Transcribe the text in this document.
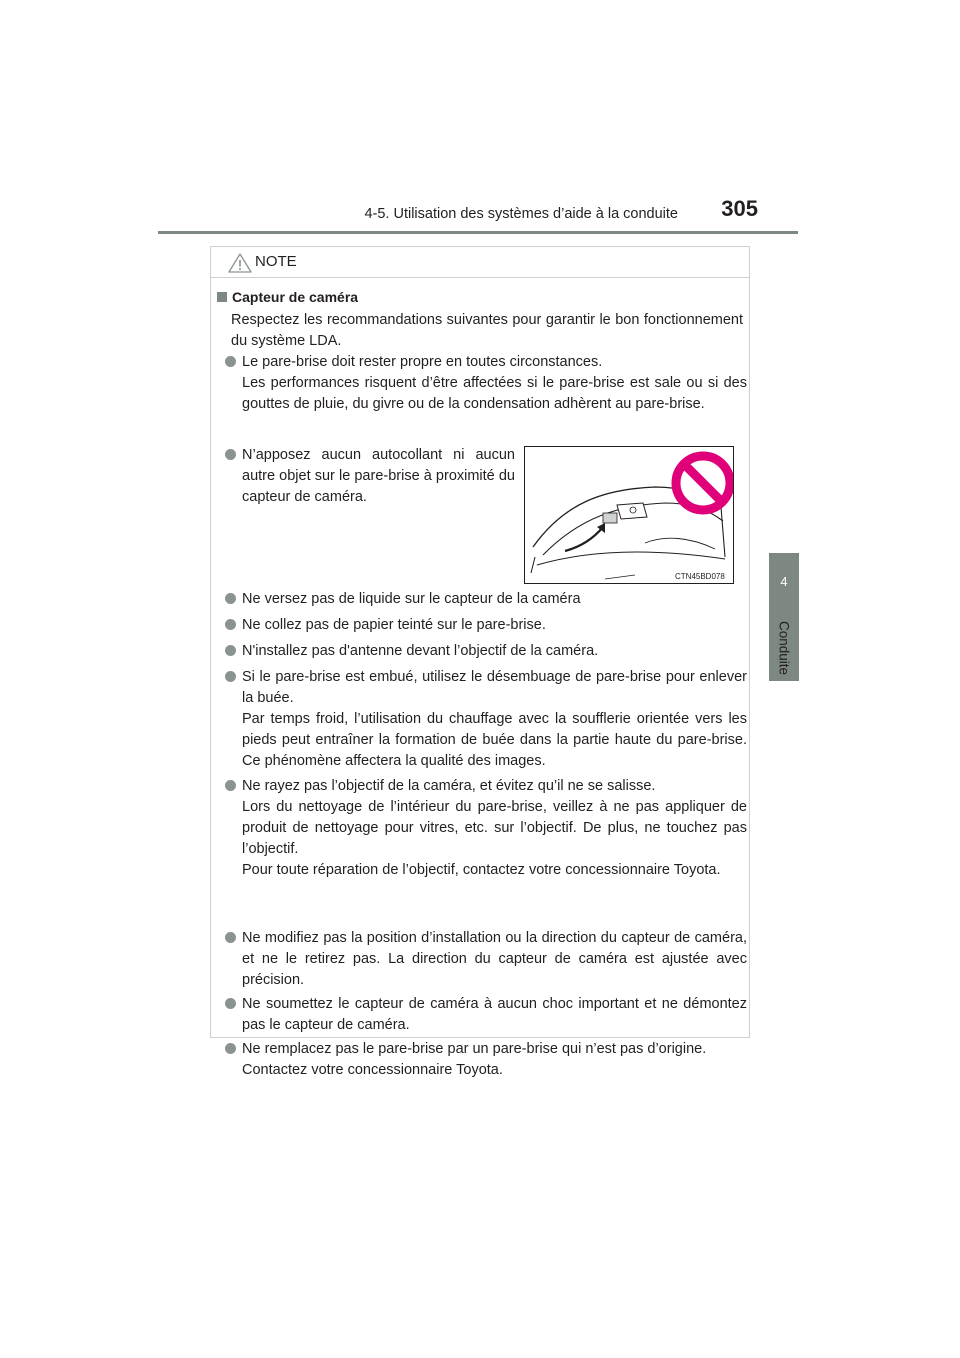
4-5. Utilisation des systèmes d’aide à la conduite	305
4
Conduite
NOTE
Capteur de caméra
Respectez les recommandations suivantes pour garantir le bon fonctionnement du système LDA.

Le pare-brise doit rester propre en toutes circonstances.

Les performances risquent d’être affectées si le pare-brise est sale ou si des gouttes de pluie, du givre ou de la condensation adhèrent au pare-brise.

N’apposez aucun autocollant ni aucun autre objet sur le pare-brise à proximité du capteur de caméra.

Ne versez pas de liquide sur le capteur de la caméra

Ne collez pas de papier teinté sur le pare-brise.

N'installez pas d'antenne devant l’objectif de la caméra.

Si le pare-brise est embué, utilisez le désembuage de pare-brise pour enlever la buée.

Par temps froid, l’utilisation du chauffage avec la soufflerie orientée vers les pieds peut entraîner la formation de buée dans la partie haute du pare-brise. Ce phénomène affectera la qualité des images.

Ne rayez pas l’objectif de la caméra, et évitez qu’il ne se salisse.

Lors du nettoyage de l’intérieur du pare-brise, veillez à ne pas appliquer de produit de nettoyage pour vitres, etc. sur l’objectif. De plus, ne touchez pas l’objectif.

Pour toute réparation de l’objectif, contactez votre concessionnaire Toyota.

Ne modifiez pas la position d’installation ou la direction du capteur de caméra, et ne le retirez pas. La direction du capteur de caméra est ajustée avec précision.

Ne soumettez le capteur de caméra à aucun choc important et ne démontez pas le capteur de caméra.

Ne remplacez pas le pare-brise par un pare-brise qui n’est pas d’origine.

Contactez votre concessionnaire Toyota.

CTN45BD078
